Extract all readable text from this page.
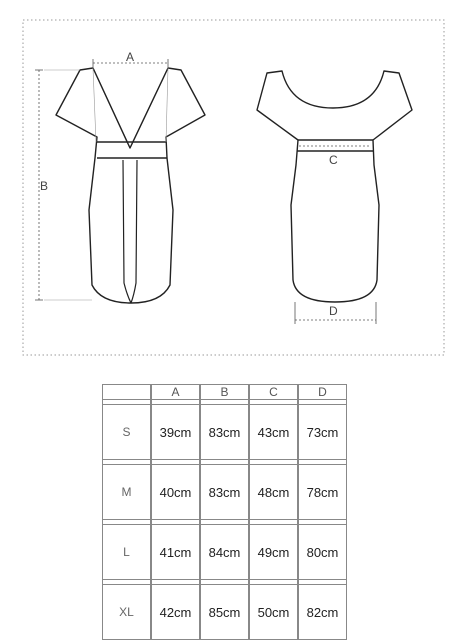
A
B
C
D
	A	B	C	D

S	39cm	83cm	43cm	73cm

M	40cm	83cm	48cm	78cm

L	41cm	84cm	49cm	80cm

XL	42cm	85cm	50cm	82cm
